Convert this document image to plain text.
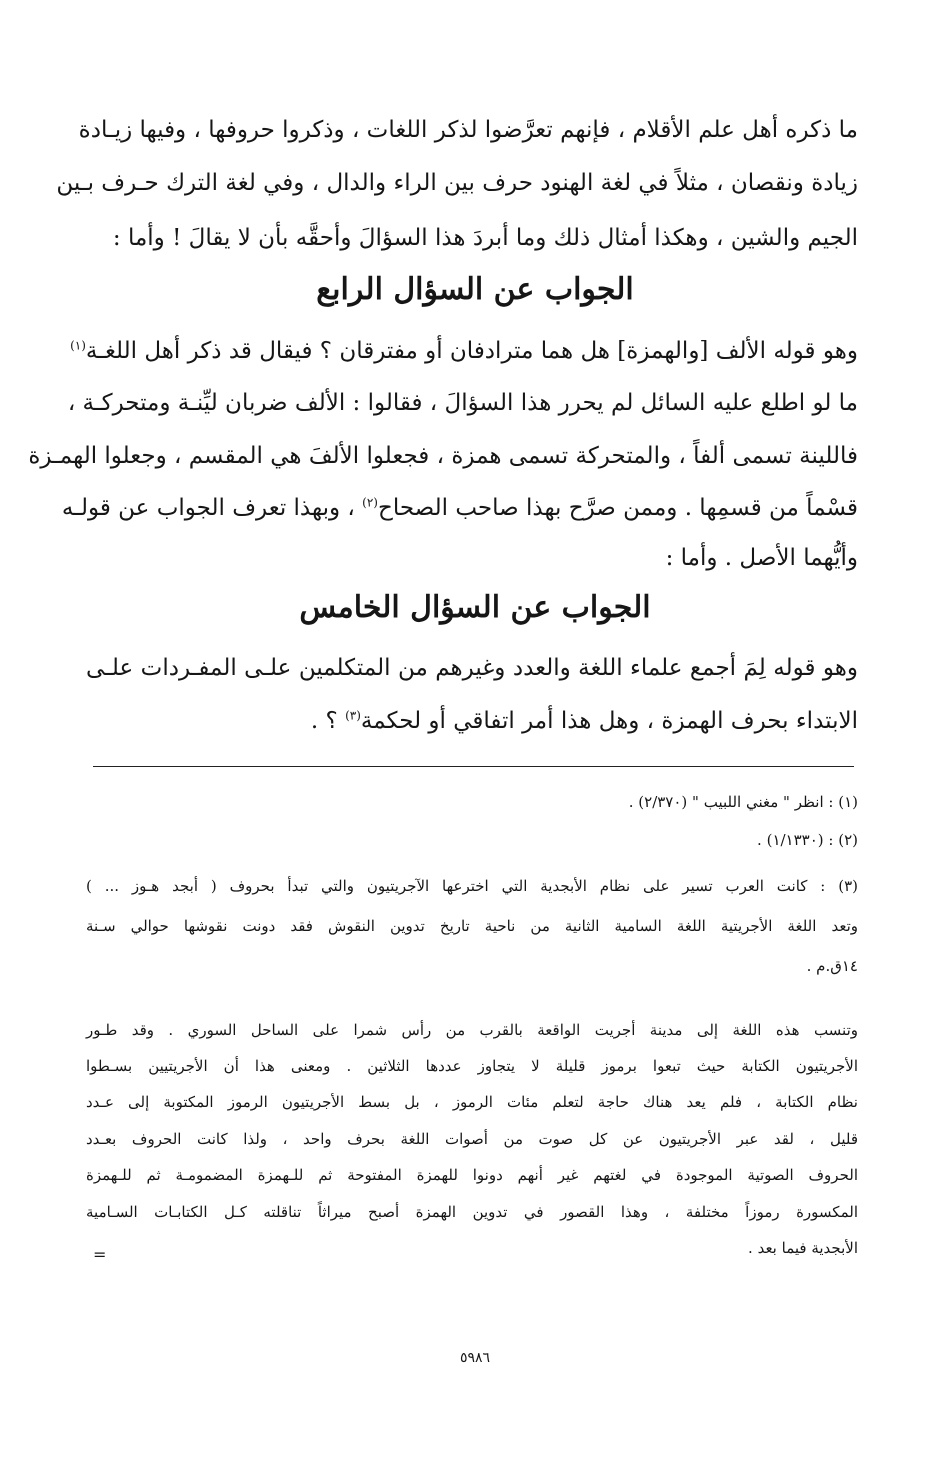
ما ذكره أهل علم الأقلام ، فإنهم تعرَّضوا لذكر اللغات ، وذكروا حروفها ، وفيها زيـادة
زيادة ونقصان ، مثلاً في لغة الهنود حرف بين الراء والدال ، وفي لغة الترك حـرف بـين
الجيم والشين ، وهكذا أمثال ذلك وما أبردَ هذا السؤالَ وأحقَّه بأن لا يقالَ ! وأما :
الجواب عن السؤال الرابع
وهو قوله الألف [والهمزة] هل هما مترادفان أو مفترقان ؟ فيقال قد ذكر أهل اللغـة$^{(١)}$
ما لو اطلع عليه السائل لم يحرر هذا السؤالَ ، فقالوا : الألف ضربان ليِّنـة ومتحركـة ،
فاللينة تسمى ألفاً ، والمتحركة تسمى همزة ، فجعلوا الألفَ هي المقسم ، وجعلوا الهمـزة
قسْماً من قسمِها . وممن صرَّح بهذا صاحب الصحاح$^{(٢)}$ ، وبهذا تعرف الجواب عن قولـه
وأيُّهما الأصل . وأما :
الجواب عن السؤال الخامس
وهو قوله لِمَ أجمع علماء اللغة والعدد وغيرهم من المتكلمين علـى المفـردات علـى
الابتداء بحرف الهمزة ، وهل هذا أمر اتفاقي أو لحكمة$^{(٣)}$ ؟ .
(١) : انظر " مغني اللبيب " (٢/٣٧٠) .
(٢) : (١/١٣٣٠) .
(٣) : كانت العرب تسير على نظام الأبجدية التي اخترعها الآجريتيون والتي تبدأ بحروف ( أبجد هـوز ... )
وتعد اللغة الأجريتية اللغة السامية الثانية من ناحية تاريخ تدوين النقوش فقد دونت نقوشها حوالي سـنة
١٤ق.م .
وتنسب هذه اللغة إلى مدينة أجريت الواقعة بالقرب من رأس شمرا على الساحل السوري . وقد طـور
الأجريتيون الكتابة حيث تبعوا برموز قليلة لا يتجاوز عددها الثلاثين . ومعنى هذا أن الأجريتيين بسـطوا
نظام الكتابة ، فلم يعد هناك حاجة لتعلم مئات الرموز ، بل بسط الأجريتيون الرموز المكتوبة إلى عـدد
قليل ، لقد عبر الأجريتيون عن كل صوت من أصوات اللغة بحرف واحد ، ولذا كانت الحروف بعـدد
الحروف الصوتية الموجودة في لغتهم غير أنهم دونوا للهمزة المفتوحة ثم للـهمزة المضمومـة ثم للـهمزة
المكسورة رموزاً مختلفة ، وهذا القصور في تدوين الهمزة أصبح ميراثاً تناقلته كـل الكتابـات السـامية
الأبجدية فيما بعد .
=
٥٩٨٦
